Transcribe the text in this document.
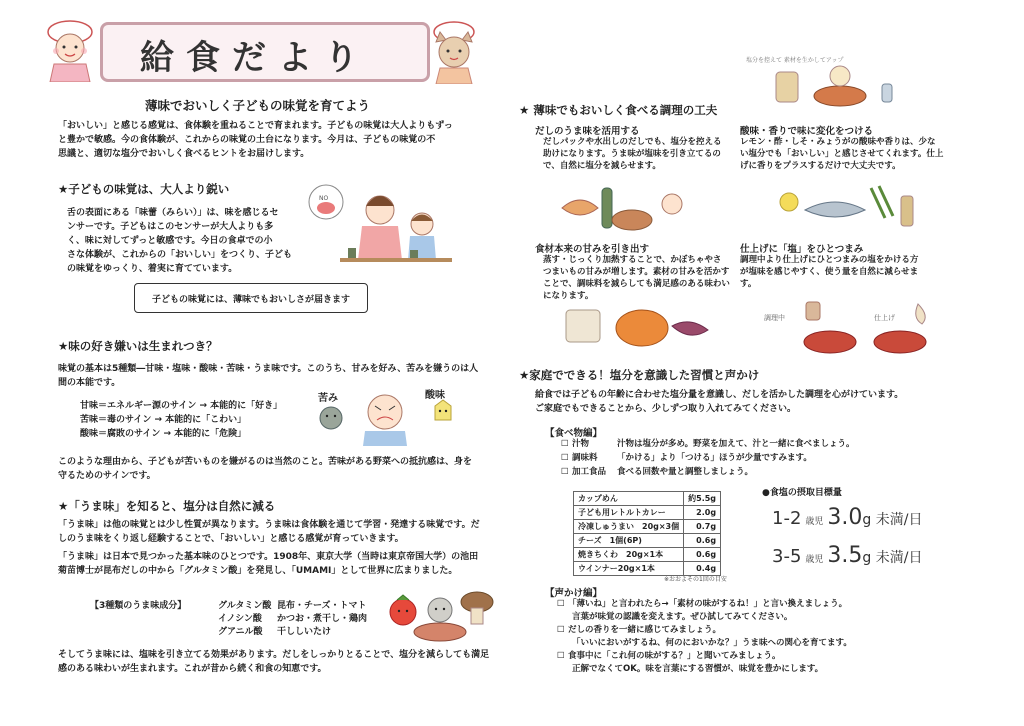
給食だより
薄味でおいしく子どもの味覚を育てよう
「おいしい」と感じる感覚は、食体験を重ねることで育まれます。子どもの味覚は大人よりもずっ
と豊かで敏感。今の食体験が、これからの味覚の土台になります。今月は、子どもの味覚の不
思議と、適切な塩分でおいしく食べるヒントをお届けします。
★子どもの味覚は、大人より鋭い
舌の表面にある「味蕾（みらい）」は、味を感じるセ
ンサーです。子どもはこのセンサーが大人よりも多
く、味に対してずっと敏感です。今日の食卓での小
さな体験が、これからの「おいしい」をつくり、子ども
の味覚をゆっくり、着実に育てています。
NO
子どもの味覚には、薄味でもおいしさが届きます
★味の好き嫌いは生まれつき？
味覚の基本は5種類―甘味・塩味・酸味・苦味・うま味です。このうち、甘みを好み、苦みを嫌うのは人
間の本能です。
甘味＝エネルギー源のサイン → 本能的に「好き」
苦味＝毒のサイン → 本能的に「こわい」
酸味＝腐敗のサイン → 本能的に「危険」
苦み	酸味
このような理由から、子どもが苦いものを嫌がるのは当然のこと。苦味がある野菜への抵抗感は、身を
守るためのサインです。
★「うま味」を知ると、塩分は自然に減る
「うま味」は他の味覚とは少し性質が異なります。うま味は食体験を通じて学習・発達する味覚です。だ
しのうま味をくり返し経験することで、「おいしい」と感じる感覚が育っていきます。
「うま味」は日本で見つかった基本味のひとつです。1908年、東京大学（当時は東京帝国大学）の池田
菊苗博士が昆布だしの中から「グルタミン酸」を発見し、「UMAMI」として世界に広まりました。
【3種類のうま味成分】	グルタミン酸 昆布・チーズ・トマト
イノシン酸 かつお・煮干し・鶏肉
グアニル酸 干ししいたけ
そしてうま味には、塩味を引き立てる効果があります。だしをしっかりとることで、塩分を減らしても満足
感のある味わいが生まれます。これが昔から続く和食の知恵です。
塩分を控えて 素材を生かしてアップ
★ 薄味でもおいしく食べる調理の工夫
だしのうま味を活用する
だしパックや水出しのだしでも、塩分を控える
助けになります。うま味が塩味を引き立てるの
で、自然に塩分を減らせます。
酸味・香りで味に変化をつける
レモン・酢・しそ・みょうがの酸味や香りは、少な
い塩分でも「おいしい」と感じさせてくれます。仕上
げに香りをプラスするだけで大丈夫です。
食材本来の甘みを引き出す
蒸す・じっくり加熱することで、かぼちゃやさ
つまいもの甘みが増します。素材の甘みを活かす
ことで、調味料を減らしても満足感のある味わい
になります。
仕上げに「塩」をひとつまみ
調理中より仕上げにひとつまみの塩をかける方
が塩味を感じやすく、使う量を自然に減らせま
す。
調理中	仕上げ
★家庭でできる！塩分を意識した習慣と声かけ
給食では子どもの年齢に合わせた塩分量を意識し、だしを活かした調理を心がけています。
ご家庭でもできることから、少しずつ取り入れてみてください。
【食べ物編】
☐ 汁物	汁物は塩分が多め。野菜を加えて、汁と一緒に食べましょう。
☐ 調味料 「かける」より「つける」ほうが少量ですみます。
☐ 加工食品 食べる回数や量と調整しましょう。
カップめん	約5.5g
子ども用レトルトカレー	2.0g
冷凍しゅうまい　20g×3個	0.7g
チーズ　1個(6P)	0.6g
焼きちくわ　20g×1本	0.6g
ウインナー20g×1本	0.4g
※おおよその1回の目安
●食塩の摂取目標量
1-2 歳児 3.0 g 未満/日
3-5 歳児 3.5 g 未満/日
【声かけ編】
☐ 「薄いね」と言われたら→「素材の味がするね！」と言い換えましょう。
言葉が味覚の認識を変えます。ぜひ試してみてください。
☐ だしの香りを一緒に感じてみましょう。
「いいにおいがするね、何のにおいかな？」うま味への関心を育てます。
☐ 食事中に「これ何の味がする？」と聞いてみましょう。
正解でなくてOK。味を言葉にする習慣が、味覚を豊かにします。
